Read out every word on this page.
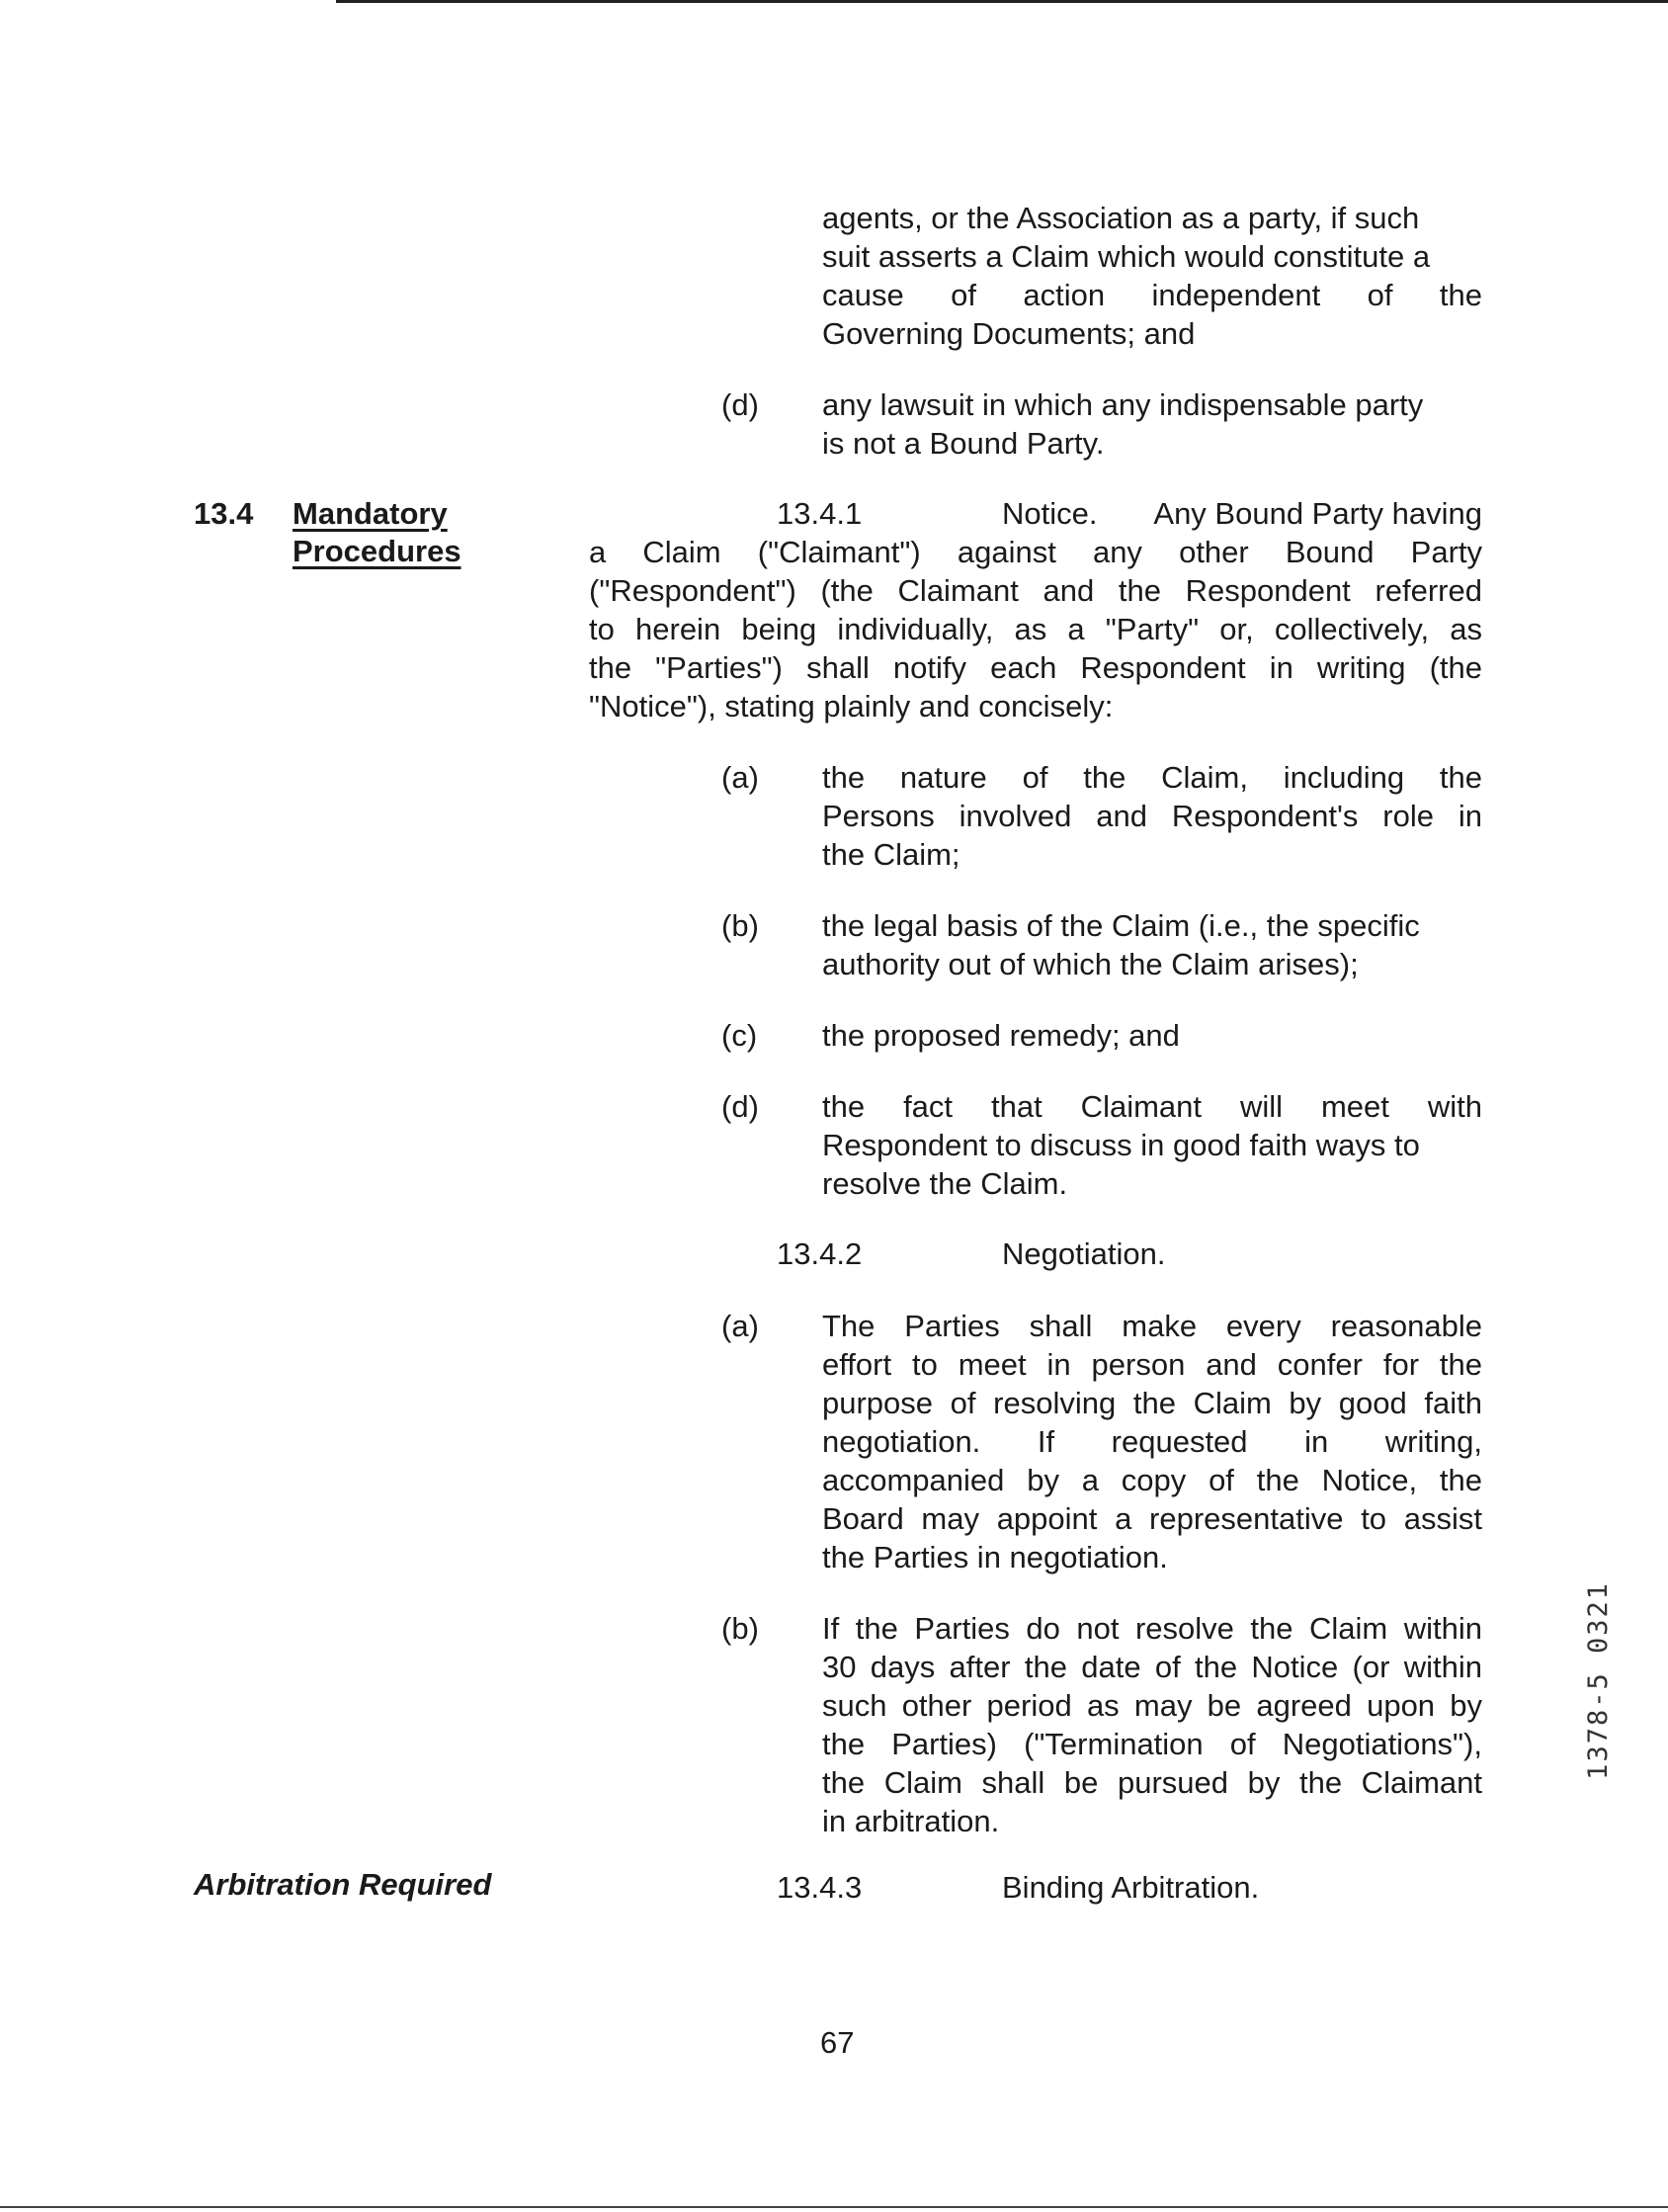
agents, or the Association as a party, if such
suit asserts a Claim which would constitute a
cause of action independent of the
Governing Documents; and
(d) any lawsuit in which any indispensable party
is not a Bound Party.
13.4 Mandatory
Procedures
13.4.1	Notice.	Any Bound Party having
a Claim ("Claimant") against any other Bound Party
("Respondent") (the Claimant and the Respondent referred
to herein being individually, as a "Party" or, collectively, as
the "Parties") shall notify each Respondent in writing (the
"Notice"), stating plainly and concisely:
(a) the nature of the Claim, including the
Persons involved and Respondent's role in
the Claim;
(b) the legal basis of the Claim (i.e., the specific
authority out of which the Claim arises);
(c) the proposed remedy; and
(d) the fact that Claimant will meet with
Respondent to discuss in good faith ways to
resolve the Claim.
13.4.2	Negotiation.
(a) The Parties shall make every reasonable
effort to meet in person and confer for the
purpose of resolving the Claim by good faith
negotiation. If requested in writing,
accompanied by a copy of the Notice, the
Board may appoint a representative to assist
the Parties in negotiation.
(b) If the Parties do not resolve the Claim within
30 days after the date of the Notice (or within
such other period as may be agreed upon by
the Parties) ("Termination of Negotiations"),
the Claim shall be pursued by the Claimant
in arbitration.
Arbitration Required	13.4.3	Binding Arbitration.
1378-5 0321
67
